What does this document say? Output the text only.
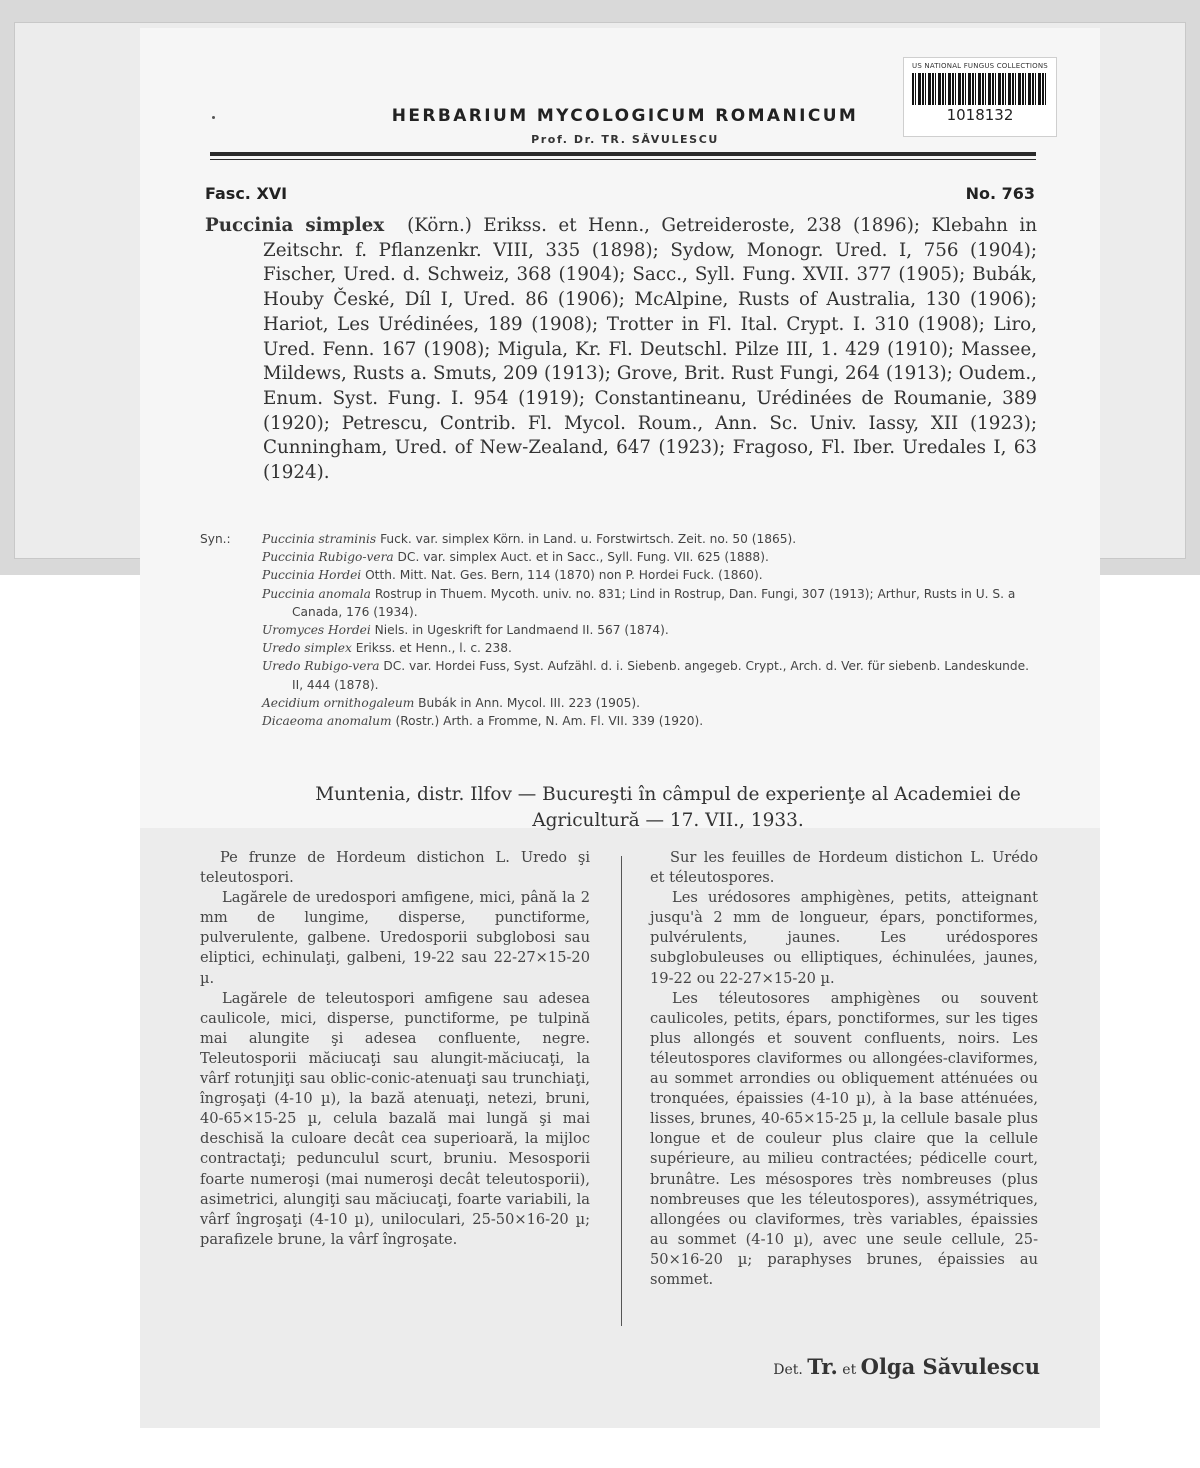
US NATIONAL FUNGUS COLLECTIONS
1018132
HERBARIUM MYCOLOGICUM ROMANICUM
Prof. Dr. TR. SĂVULESCU
Fasc. XVI	No. 763

Puccinia simplex (Körn.) Erikss. et Henn., Getreideroste, 238 (1896); Klebahn in Zeitschr. f. Pflanzenkr. VIII, 335 (1898); Sydow, Monogr. Ured. I, 756 (1904); Fischer, Ured. d. Schweiz, 368 (1904); Sacc., Syll. Fung. XVII. 377 (1905); Bubák, Houby České, Díl I, Ured. 86 (1906); McAlpine, Rusts of Australia, 130 (1906); Hariot, Les Urédinées, 189 (1908); Trotter in Fl. Ital. Crypt. I. 310 (1908); Liro, Ured. Fenn. 167 (1908); Migula, Kr. Fl. Deutschl. Pilze III, 1. 429 (1910); Massee, Mildews, Rusts a. Smuts, 209 (1913); Grove, Brit. Rust Fungi, 264 (1913); Oudem., Enum. Syst. Fung. I. 954 (1919); Constantineanu, Urédinées de Roumanie, 389 (1920); Petrescu, Contrib. Fl. Mycol. Roum., Ann. Sc. Univ. Iassy, XII (1923); Cunningham, Ured. of New-Zealand, 647 (1923); Fragoso, Fl. Iber. Uredales I, 63 (1924).

Syn.:	Puccinia straminis Fuck. var. simplex Körn. in Land. u. Forstwirtsch. Zeit. no. 50 (1865).
Puccinia Rubigo-vera DC. var. simplex Auct. et in Sacc., Syll. Fung. VII. 625 (1888).
Puccinia Hordei Otth. Mitt. Nat. Ges. Bern, 114 (1870) non P. Hordei Fuck. (1860).
Puccinia anomala Rostrup in Thuem. Mycoth. univ. no. 831; Lind in Rostrup, Dan. Fungi, 307 (1913); Arthur, Rusts in U. S. a Canada, 176 (1934).
Uromyces Hordei Niels. in Ugeskrift for Landmaend II. 567 (1874).
Uredo simplex Erikss. et Henn., l. c. 238.
Uredo Rubigo-vera DC. var. Hordei Fuss, Syst. Aufzähl. d. i. Siebenb. angegeb. Crypt., Arch. d. Ver. für siebenb. Landeskunde. II, 444 (1878).
Aecidium ornithogaleum Bubák in Ann. Mycol. III. 223 (1905).
Dicaeoma anomalum (Rostr.) Arth. a Fromme, N. Am. Fl. VII. 339 (1920).
Muntenia, distr. Ilfov — Bucureşti în câmpul de experienţe al Academiei de Agricultură — 17. VII., 1933.

Pe frunze de Hordeum distichon L. Uredo şi teleutospori.

Lagărele de uredospori amfigene, mici, până la 2 mm de lungime, disperse, punctiforme, pulverulente, galbene. Uredosporii subglobosi sau eliptici, echinulaţi, galbeni, 19-22 sau 22-27×15-20 µ.

Lagărele de teleutospori amfigene sau adesea caulicole, mici, disperse, punctiforme, pe tulpină mai alungite şi adesea confluente, negre. Teleutosporii măciucaţi sau alungit-măciucaţi, la vârf rotunjiţi sau oblic-conic-atenuaţi sau trunchiaţi, îngroşaţi (4-10 µ), la bază atenuaţi, netezi, bruni, 40-65×15-25 µ, celula bazală mai lungă şi mai deschisă la culoare decât cea superioară, la mijloc contractaţi; pedunculul scurt, bruniu. Mesosporii foarte numeroşi (mai numeroşi decât teleutosporii), asimetrici, alungiţi sau măciucaţi, foarte variabili, la vârf îngroşaţi (4-10 µ), uniloculari, 25-50×16-20 µ; parafizele brune, la vârf îngroşate.

Sur les feuilles de Hordeum distichon L. Urédo et téleutospores.

Les urédosores amphigènes, petits, atteignant jusqu'à 2 mm de longueur, épars, ponctiformes, pulvérulents, jaunes. Les urédospores subglobuleuses ou elliptiques, échinulées, jaunes, 19-22 ou 22-27×15-20 µ.

Les téleutosores amphigènes ou souvent caulicoles, petits, épars, ponctiformes, sur les tiges plus allongés et souvent confluents, noirs. Les téleutospores claviformes ou allongées-claviformes, au sommet arrondies ou obliquement atténuées ou tronquées, épaissies (4-10 µ), à la base atténuées, lisses, brunes, 40-65×15-25 µ, la cellule basale plus longue et de couleur plus claire que la cellule supérieure, au milieu contractées; pédicelle court, brunâtre. Les mésospores très nombreuses (plus nombreuses que les téleutospores), assymétriques, allongées ou claviformes, très variables, épaissies au sommet (4-10 µ), avec une seule cellule, 25-50×16-20 µ; paraphyses brunes, épaissies au sommet.

Det. Tr. et Olga Săvulescu
